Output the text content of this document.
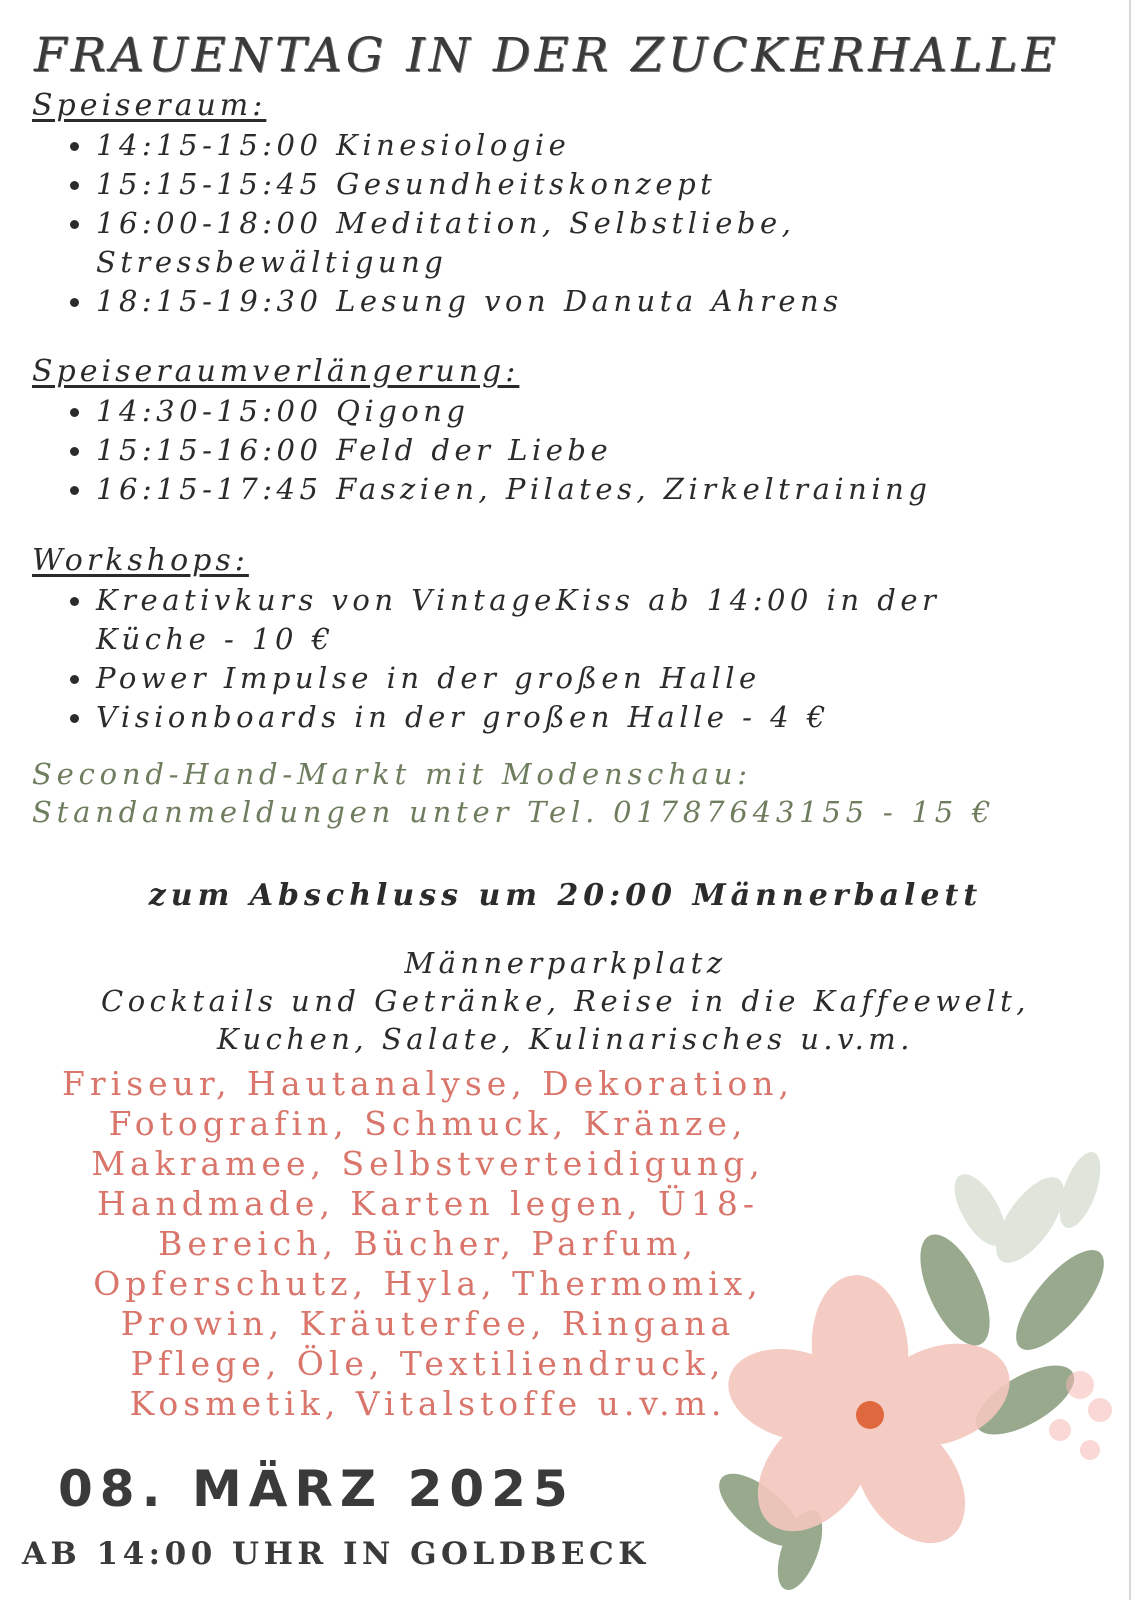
FRAUENTAG IN DER ZUCKERHALLE
Speiseraum:
14:15-15:00 Kinesiologie
15:15-15:45 Gesundheitskonzept
16:00-18:00 Meditation, Selbstliebe,
Stressbewältigung
18:15-19:30 Lesung von Danuta Ahrens
Speiseraumverlängerung:
14:30-15:00 Qigong
15:15-16:00 Feld der Liebe
16:15-17:45 Faszien, Pilates, Zirkeltraining
Workshops:
Kreativkurs von VintageKiss ab 14:00 in der
Küche - 10 €
Power Impulse in der großen Halle
Visionboards in der großen Halle - 4 €
Second-Hand-Markt mit Modenschau:
Standanmeldungen unter Tel. 01787643155 - 15 €
zum Abschluss um 20:00 Männerbalett
Männerparkplatz
Cocktails und Getränke, Reise in die Kaffeewelt,
Kuchen, Salate, Kulinarisches u.v.m.
Friseur, Hautanalyse, Dekoration,
Fotografin, Schmuck, Kränze,
Makramee, Selbstverteidigung,
Handmade, Karten legen, Ü18-
Bereich, Bücher, Parfum,
Opferschutz, Hyla, Thermomix,
Prowin, Kräuterfee, Ringana
Pflege, Öle, Textiliendruck,
Kosmetik, Vitalstoffe u.v.m.
08. MÄRZ 2025
AB 14:00 UHR IN GOLDBECK
